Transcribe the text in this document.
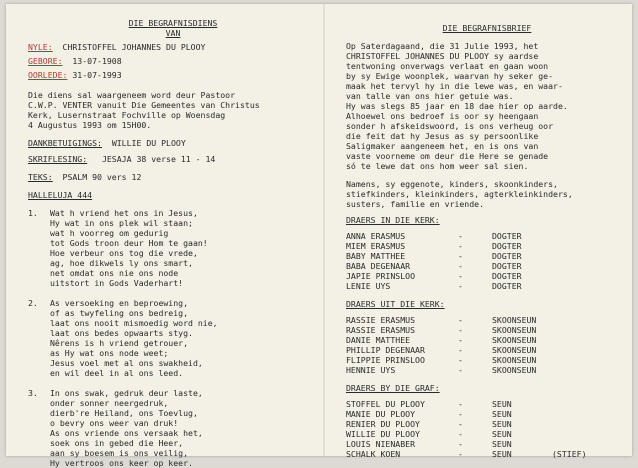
DIE BEGRAFNISDIENS
VAN
NYLE: CHRISTOFFEL JOHANNES DU PLOOY
GEBORE: 13-07-1908
OORLEDE: 31-07-1993
Die diens sal waargeneem word deur Pastoor
C.W.P. VENTER vanuit Die Gemeentes van Christus
Kerk, Lusernstraat Fochville op Woensdag
4 Augustus 1993 om 15H00.
DANKBETUIGINGS: WILLIE DU PLOOY
SKRIFLESING: JESAJA 38 verse 11 - 14
TEKS: PSALM 90 vers 12
HALLELUJA 444
1.	Wat h vriend het ons in Jesus,
Hy wat in ons plek wil staan;
wat h voorreg om gedurig
tot Gods troon deur Hom te gaan!
Hoe verbeur ons tog die vrede,
ag, hoe dikwels ly ons smart,
net omdat ons nie ons node
uitstort in Gods Vaderhart!
2.	As versoeking en beproewing,
of as twyfeling ons bedreig,
laat ons nooit mismoedig word nie,
laat ons bedes opwaarts styg.
Nêrens is h vriend getrouer,
as Hy wat ons node weet;
Jesus voel met al ons swakheid,
en wil deel in al ons leed.
3.	In ons swak, gedruk deur laste,
onder sonner neergedruk,
dierb're Heiland, ons Toevlug,
o bevry ons weer van druk!
As ons vriende ons versaak het,
soek ons in gebed die Heer,
aan sy boesem is ons veilig,
Hy vertroos ons keer op keer.
DIE BEGRAFNISBRIEF
Op Saterdagaand, die 31 Julie 1993, het
CHRISTOFFEL JOHANNES DU PLOOY sy aardse
tentwoning onverwags verlaat en gaan woon
by sy Ewige woonplek, waarvan hy seker ge-
maak het tervyl hy in die lewe was, en waar-
van talle van ons hier getuie was.
Hy was slegs 85 jaar en 18 dae hier op aarde.
Alhoewel ons bedroef is oor sy heengaan
sonder h afskeidswoord, is ons verheug oor
die feit dat hy Jesus as sy persoonlike
Saligmaker aangeneem het, en is ons van
vaste voorneme om deur die Here se genade
só te lewe dat ons hom weer sal sien.
Namens, sy eggenote, kinders, skoonkinders,
stiefkinders, kleinkinders, agterkleinkinders,
susters, familie en vriende.
DRAERS IN DIE KERK:
ANNA ERASMUS	-	DOGTER
MIEM ERASMUS	-	DOGTER
BABY MATTHEE	-	DOGTER
BABA DEGENAAR	-	DOGTER
JAPIE PRINSLOO	-	DOGTER
LENIE UYS	-	DOGTER
DRAERS UIT DIE KERK:
RASSIE ERASMUS	-	SKOONSEUN
RASSIE ERASMUS	-	SKOONSEUN
DANIE MATTHEE	-	SKOONSEUN
PHILLIP DEGENAAR	-	SKOONSEUN
FLIPPIE PRINSLOO	-	SKOONSEUN
HENNIE UYS	-	SKOONSEUN
DRAERS BY DIE GRAF:
STOFFEL DU PLOOY	-	SEUN
MANIE DU PLOOY	-	SEUN
RENIER DU PLOOY	-	SEUN
WILLIE DU PLOOY	-	SEUN
LOUIS NIENABER	-	SEUN
SCHALK KOEN	-	SEUN	(STIEF)
